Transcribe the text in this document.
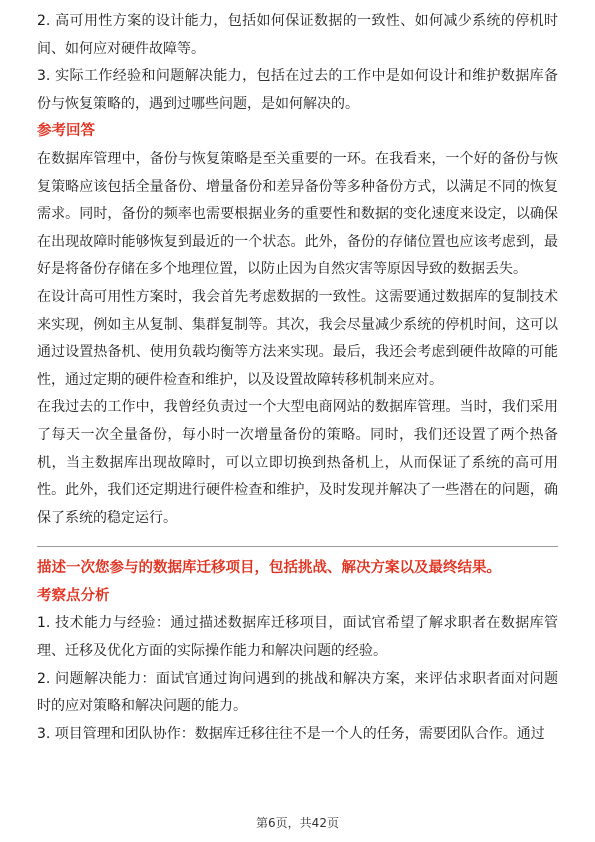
2. 高可用性方案的设计能力，包括如何保证数据的一致性、如何减少系统的停机时间、如何应对硬件故障等。

3. 实际工作经验和问题解决能力，包括在过去的工作中是如何设计和维护数据库备份与恢复策略的，遇到过哪些问题，是如何解决的。

参考回答

在数据库管理中，备份与恢复策略是至关重要的一环。在我看来，一个好的备份与恢复策略应该包括全量备份、增量备份和差异备份等多种备份方式，以满足不同的恢复需求。同时，备份的频率也需要根据业务的重要性和数据的变化速度来设定，以确保在出现故障时能够恢复到最近的一个状态。此外，备份的存储位置也应该考虑到，最好是将备份存储在多个地理位置，以防止因为自然灾害等原因导致的数据丢失。

在设计高可用性方案时，我会首先考虑数据的一致性。这需要通过数据库的复制技术来实现，例如主从复制、集群复制等。其次，我会尽量减少系统的停机时间，这可以通过设置热备机、使用负载均衡等方法来实现。最后，我还会考虑到硬件故障的可能性，通过定期的硬件检查和维护，以及设置故障转移机制来应对。

在我过去的工作中，我曾经负责过一个大型电商网站的数据库管理。当时，我们采用了每天一次全量备份，每小时一次增量备份的策略。同时，我们还设置了两个热备机，当主数据库出现故障时，可以立即切换到热备机上，从而保证了系统的高可用性。此外，我们还定期进行硬件检查和维护，及时发现并解决了一些潜在的问题，确保了系统的稳定运行。

描述一次您参与的数据库迁移项目，包括挑战、解决方案以及最终结果。

考察点分析

1. 技术能力与经验：通过描述数据库迁移项目，面试官希望了解求职者在数据库管理、迁移及优化方面的实际操作能力和解决问题的经验。

2. 问题解决能力：面试官通过询问遇到的挑战和解决方案，来评估求职者面对问题时的应对策略和解决问题的能力。

3. 项目管理和团队协作：数据库迁移往往不是一个人的任务，需要团队合作。通过

第6页，共42页
